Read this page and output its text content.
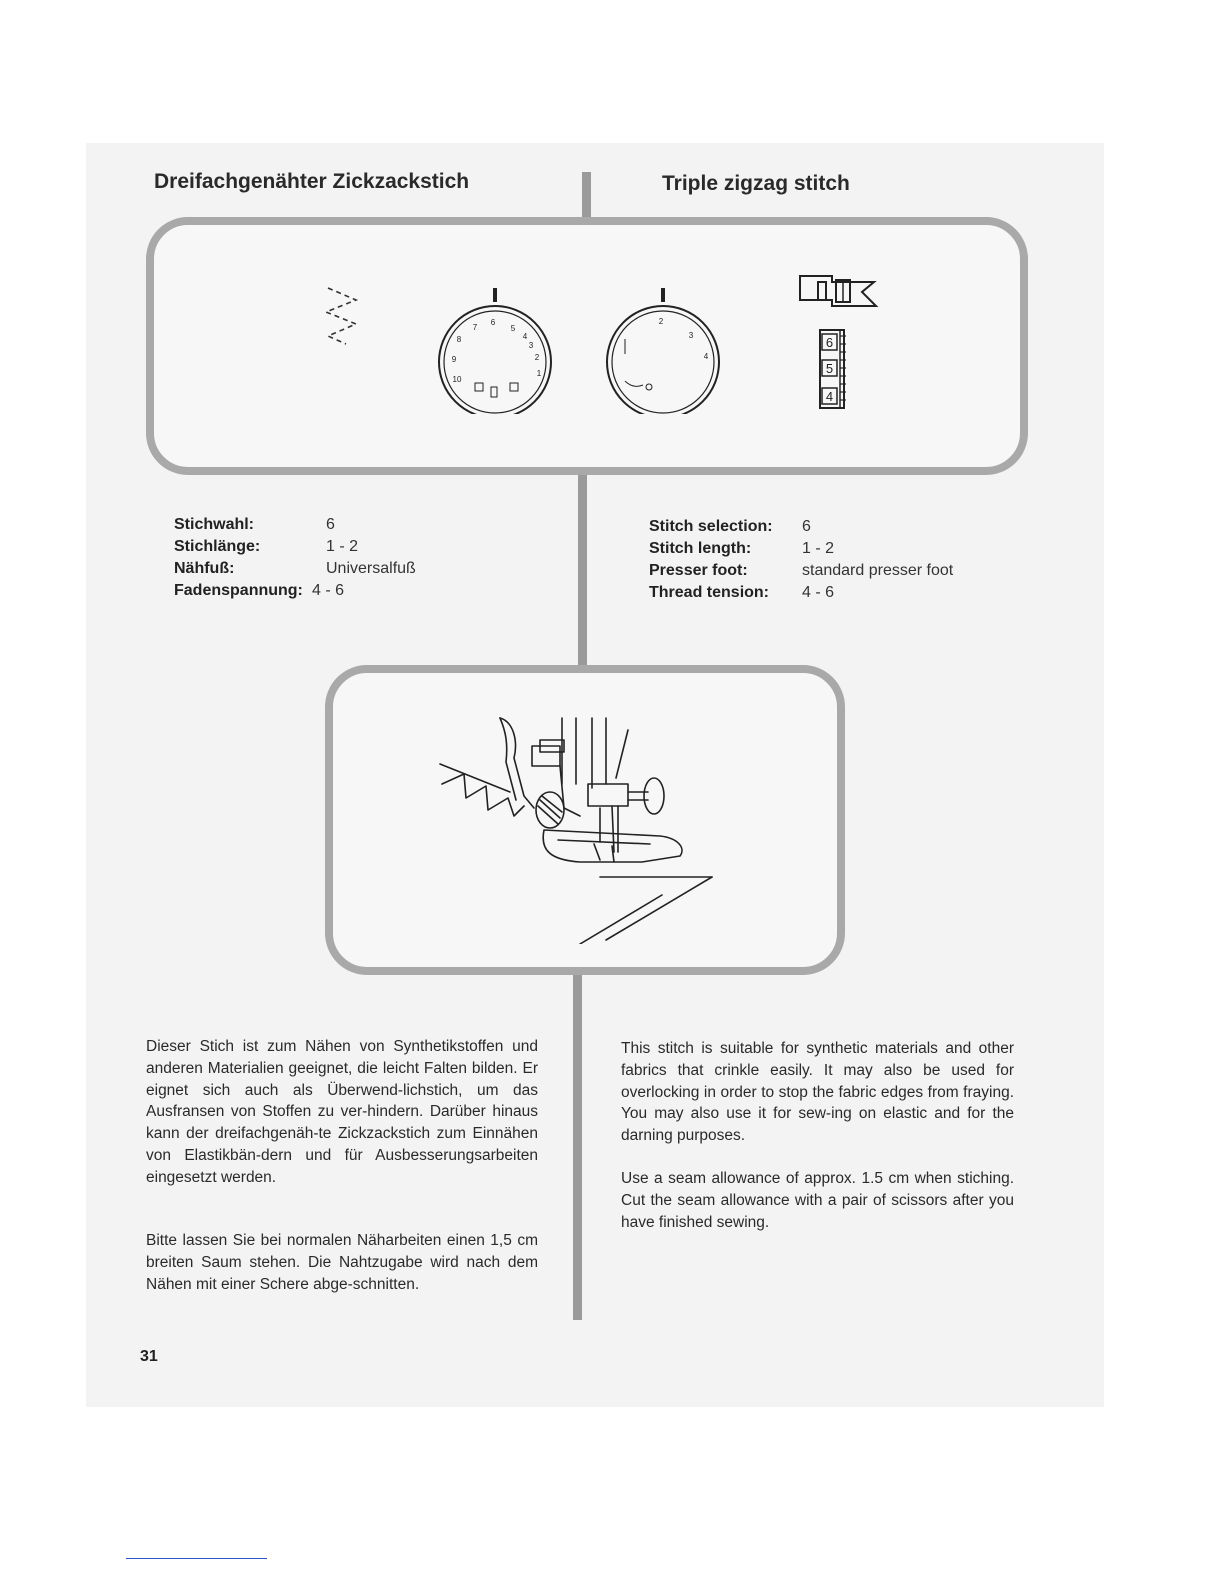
Dreifachgenähter Zickzackstich	Triple zigzag stitch
7
6
5
4
3
2
1
8
9
10
2
3
4
6
5
4
Stichwahl:	6
Stichlänge:	1 - 2
Nähfuß:	Universalfuß
Fadenspannung: 4 - 6
Stitch selection:	6
Stitch length:	1 - 2
Presser foot:	standard presser foot
Thread tension:	4 - 6

Dieser Stich ist zum Nähen von Synthetikstoffen und anderen Materialien geeignet, die leicht Falten bilden. Er eignet sich auch als Überwend-lichstich, um das Ausfransen von Stoffen zu ver-hindern. Darüber hinaus kann der dreifachgenäh-te Zickzackstich zum Einnähen von Elastikbän-dern und für Ausbesserungsarbeiten eingesetzt werden.

Bitte lassen Sie bei normalen Näharbeiten einen 1,5 cm breiten Saum stehen. Die Nahtzugabe wird nach dem Nähen mit einer Schere abge-schnitten.

This stitch is suitable for synthetic materials and other fabrics that crinkle easily. It may also be used for overlocking in order to stop the fabric edges from fraying. You may also use it for sew-ing on elastic and for the darning purposes.

Use a seam allowance of approx. 1.5 cm when stiching. Cut the seam allowance with a pair of scissors after you have finished sewing.

31
